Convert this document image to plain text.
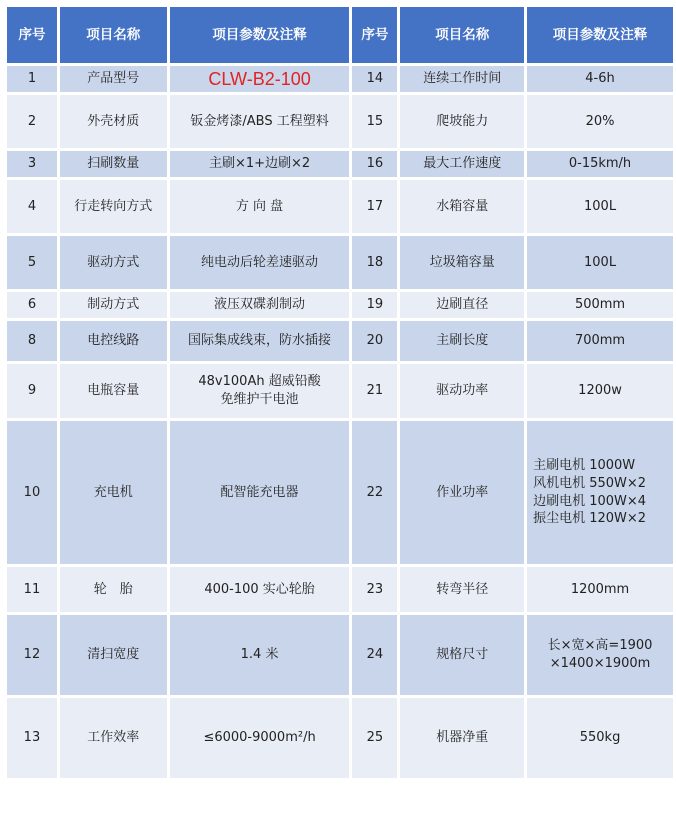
序号	项目名称	项目参数及注释	序号	项目名称	项目参数及注释
1	产品型号	CLW-B2-100	14	连续工作时间	4-6h
2	外壳材质	钣金烤漆/ABS 工程塑料	15	爬坡能力	20%
3	扫刷数量	主刷×1+边刷×2	16	最大工作速度	0-15km/h
4	行走转向方式	方 向 盘	17	水箱容量	100L
5	驱动方式	纯电动后轮差速驱动	18	垃圾箱容量	100L
6	制动方式	液压双碟刹制动	19	边刷直径	500mm
8	电控线路	国际集成线束，防水插接	20	主刷长度	700mm
9	电瓶容量	48v100Ah 超威铅酸
免维护干电池	21	驱动功率	1200w
10	充电机	配智能充电器	22	作业功率	主刷电机 1000W
风机电机 550W×2
边刷电机 100W×4
振尘电机 120W×2
11	轮　胎	400-100 实心轮胎	23	转弯半径	1200mm
12	清扫宽度	1.4 米	24	规格尺寸	长×宽×高=1900
×1400×1900m
13	工作效率	≤6000-9000m²/h	25	机器净重	550kg
